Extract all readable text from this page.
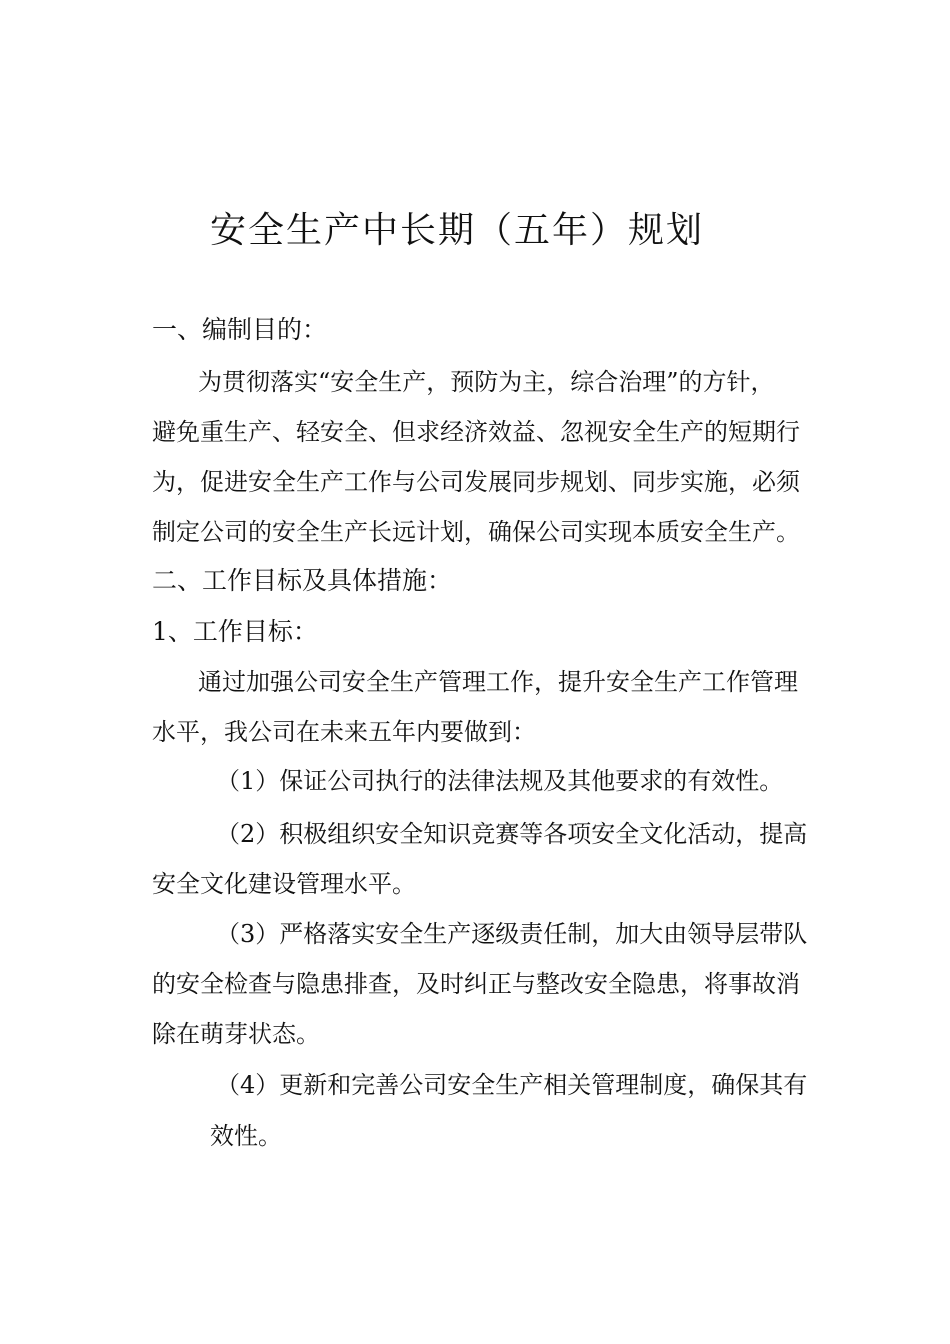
安全生产中长期（五年）规划
一、编制目的：
为贯彻落实“安全生产，预防为主，综合治理”的方针，
避免重生产、轻安全、但求经济效益、忽视安全生产的短期行
为，促进安全生产工作与公司发展同步规划、同步实施，必须
制定公司的安全生产长远计划，确保公司实现本质安全生产。
二、工作目标及具体措施：
1、工作目标：
通过加强公司安全生产管理工作，提升安全生产工作管理
水平，我公司在未来五年内要做到：
（1）保证公司执行的法律法规及其他要求的有效性。
（2）积极组织安全知识竞赛等各项安全文化活动，提高
安全文化建设管理水平。
（3）严格落实安全生产逐级责任制，加大由领导层带队
的安全检查与隐患排查，及时纠正与整改安全隐患，将事故消
除在萌芽状态。
（4）更新和完善公司安全生产相关管理制度，确保其有
效性。
